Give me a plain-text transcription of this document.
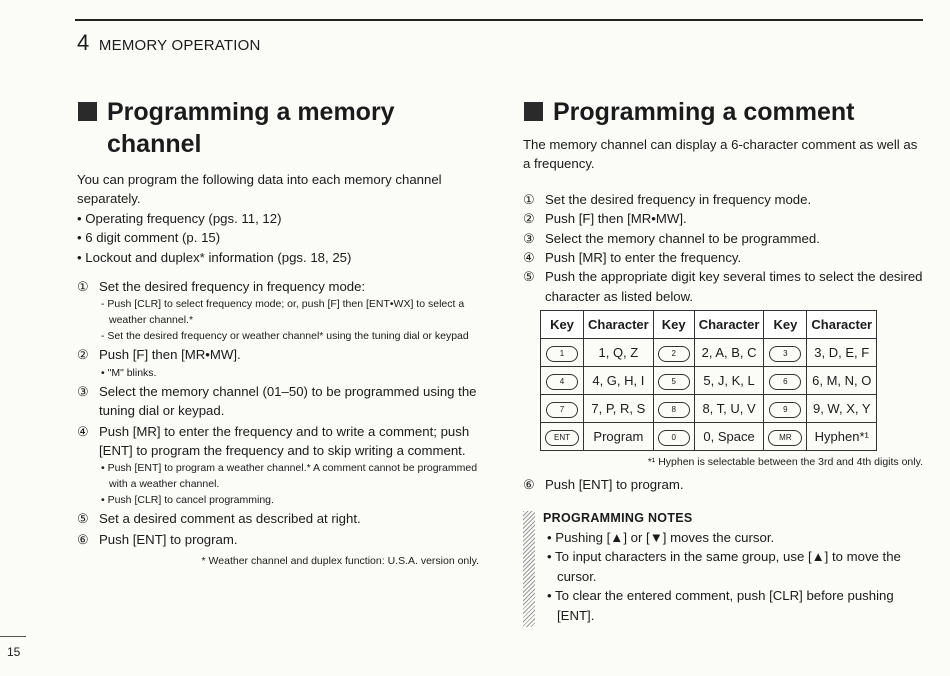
4 MEMORY OPERATION
Programming a memory
channel
You can program the following data into each memory channel separately.
• Operating frequency (pgs. 11, 12)
• 6 digit comment (p. 15)
• Lockout and duplex* information (pgs. 18, 25)
① Set the desired frequency in frequency mode:
- Push [CLR] to select frequency mode; or, push [F] then [ENT•WX] to select a weather channel.*
- Set the desired frequency or weather channel* using the tuning dial or keypad
② Push [F] then [MR•MW].
• "M" blinks.
③ Select the memory channel (01–50) to be programmed using the tuning dial or keypad.
④ Push [MR] to enter the frequency and to write a comment; push [ENT] to program the frequency and to skip writing a comment.
• Push [ENT] to program a weather channel.* A comment cannot be programmed with a weather channel.
• Push [CLR] to cancel programming.
⑤ Set a desired comment as described at right.
⑥ Push [ENT] to program.
* Weather channel and duplex function: U.S.A. version only.
Programming a comment
The memory channel can display a 6-character comment as well as a frequency.
① Set the desired frequency in frequency mode.
② Push [F] then [MR•MW].
③ Select the memory channel to be programmed.
④ Push [MR] to enter the frequency.
⑤ Push the appropriate digit key several times to select the desired character as listed below.
Key	Character	Key	Character	Key	Character
1	1, Q, Z	2	2, A, B, C	3	3, D, E, F
4	4, G, H, I	5	5, J, K, L	6	6, M, N, O
7	7, P, R, S	8	8, T, U, V	9	9, W, X, Y
ENT	Program	0	0, Space	MR	Hyphen*¹
*¹ Hyphen is selectable between the 3rd and 4th digits only.
⑥ Push [ENT] to program.
PROGRAMMING NOTES
• Pushing [▲] or [▼] moves the cursor.
• To input characters in the same group, use [▲] to move the cursor.
• To clear the entered comment, push [CLR] before pushing [ENT].
15
